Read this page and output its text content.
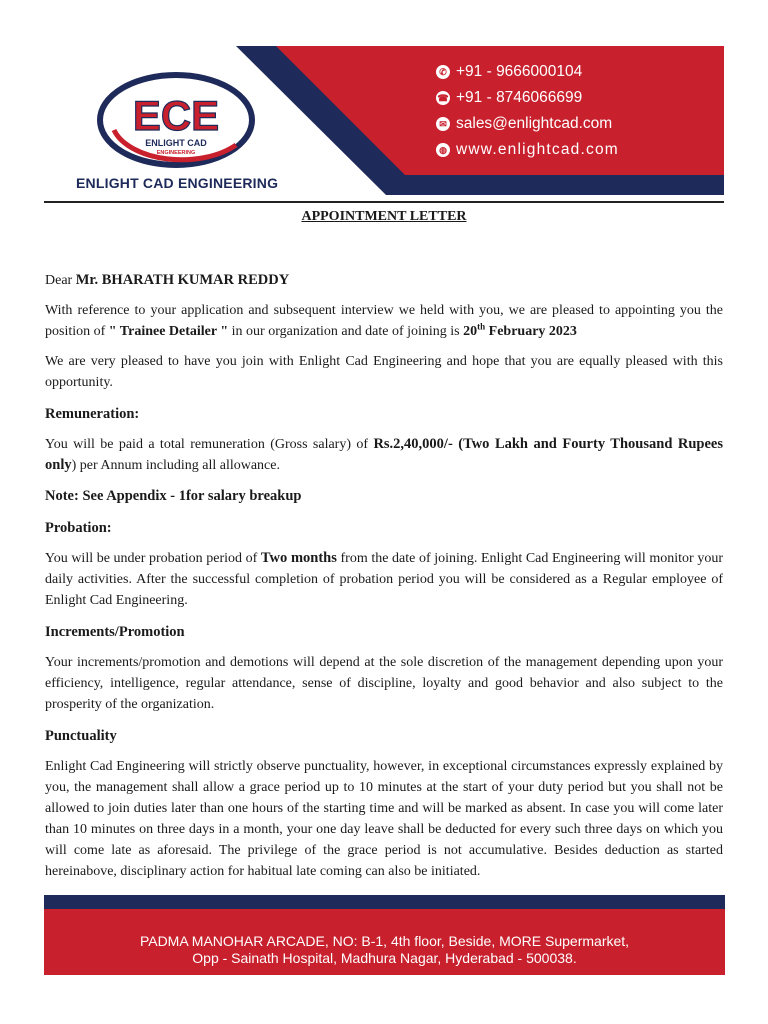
ECE
ENLIGHT CAD
ENGINEERING
ENLIGHT CAD ENGINEERING
✆ +91 - 9666000104
☎ +91 - 8746066699
✉ sales@enlightcad.com
◍ www.enlightcad.com
APPOINTMENT LETTER

Dear Mr. BHARATH KUMAR REDDY

With reference to your application and subsequent interview we held with you, we are pleased to appointing you the position of " Trainee Detailer " in our organization and date of joining is 20th February 2023

We are very pleased to have you join with Enlight Cad Engineering and hope that you are equally pleased with this opportunity.

Remuneration:

You will be paid a total remuneration (Gross salary) of Rs.2,40,000/- (Two Lakh and Fourty Thousand Rupees only) per Annum including all allowance.

Note: See Appendix - 1for salary breakup
Probation:

You will be under probation period of Two months from the date of joining. Enlight Cad Engineering will monitor your daily activities. After the successful completion of probation period you will be considered as a Regular employee of Enlight Cad Engineering.

Increments/Promotion

Your increments/promotion and demotions will depend at the sole discretion of the management depending upon your efficiency, intelligence, regular attendance, sense of discipline, loyalty and good behavior and also subject to the prosperity of the organization.

Punctuality

Enlight Cad Engineering will strictly observe punctuality, however, in exceptional circumstances expressly explained by you, the management shall allow a grace period up to 10 minutes at the start of your duty period but you shall not be allowed to join duties later than one hours of the starting time and will be marked as absent. In case you will come later than 10 minutes on three days in a month, your one day leave shall be deducted for every such three days on which you will come late as aforesaid. The privilege of the grace period is not accumulative. Besides deduction as started hereinabove, disciplinary action for habitual late coming can also be initiated.

PADMA MANOHAR ARCADE, NO: B-1, 4th floor, Beside, MORE Supermarket,
Opp - Sainath Hospital, Madhura Nagar, Hyderabad - 500038.
